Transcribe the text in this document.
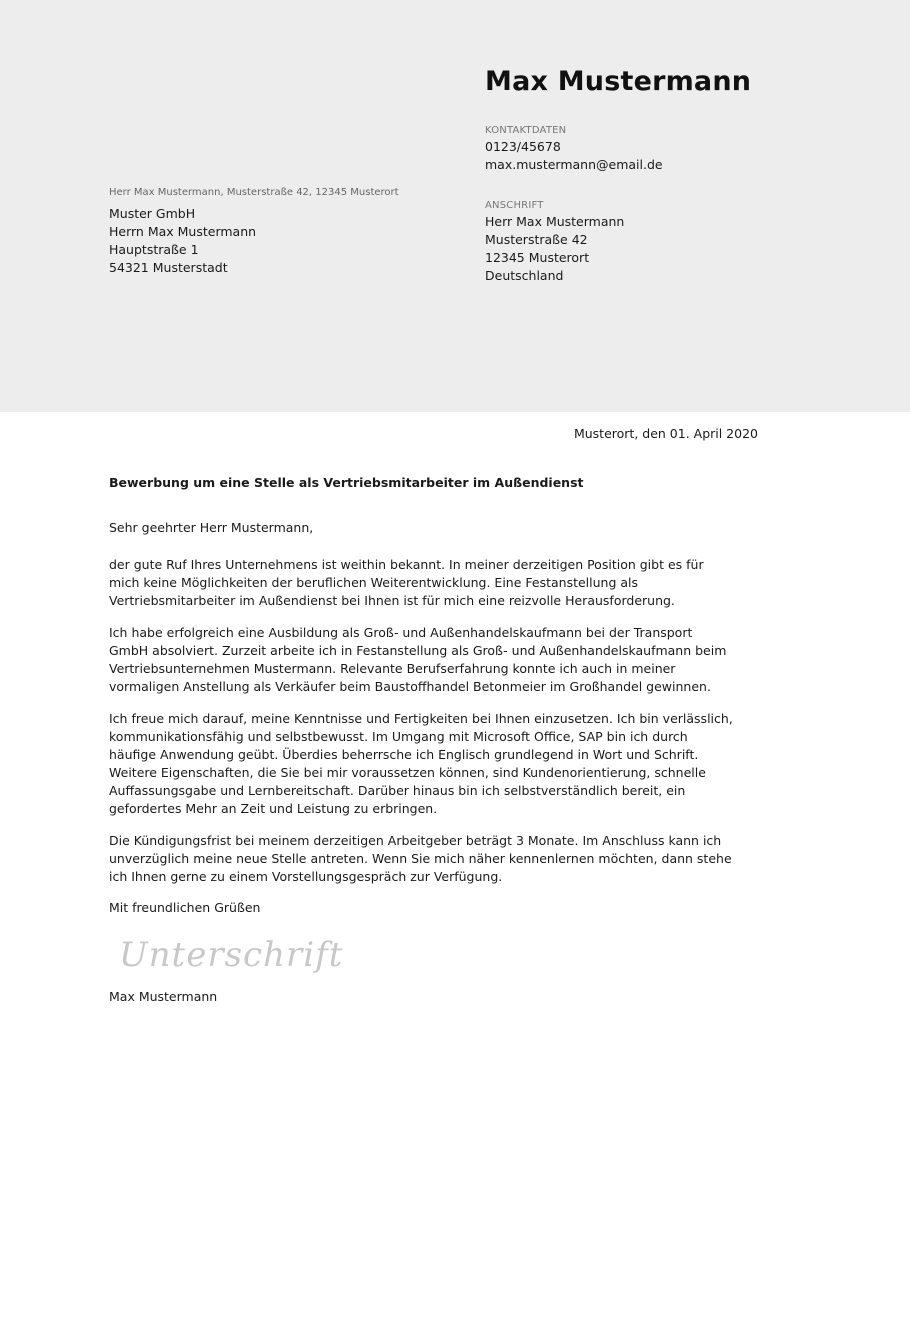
Max Mustermann
KONTAKTDATEN
0123/45678
max.mustermann@email.de
ANSCHRIFT
Herr Max Mustermann
Musterstraße 42
12345 Musterort
Deutschland
Herr Max Mustermann, Musterstraße 42, 12345 Musterort
Muster GmbH
Herrn Max Mustermann
Hauptstraße 1
54321 Musterstadt
Musterort, den 01. April 2020
Bewerbung um eine Stelle als Vertriebsmitarbeiter im Außendienst
Sehr geehrter Herr Mustermann,

der gute Ruf Ihres Unternehmens ist weithin bekannt. In meiner derzeitigen Position gibt es für mich keine Möglichkeiten der beruflichen Weiterentwicklung. Eine Festanstellung als Vertriebsmitarbeiter im Außendienst bei Ihnen ist für mich eine reizvolle Herausforderung.

Ich habe erfolgreich eine Ausbildung als Groß- und Außenhandelskaufmann bei der Transport GmbH absolviert. Zurzeit arbeite ich in Festanstellung als Groß- und Außenhandelskaufmann beim Vertriebsunternehmen Mustermann. Relevante Berufserfahrung konnte ich auch in meiner vormaligen Anstellung als Verkäufer beim Baustoffhandel Betonmeier im Großhandel gewinnen.

Ich freue mich darauf, meine Kenntnisse und Fertigkeiten bei Ihnen einzusetzen. Ich bin verlässlich, kommunikationsfähig und selbstbewusst. Im Umgang mit Microsoft Office, SAP bin ich durch häufige Anwendung geübt. Überdies beherrsche ich Englisch grundlegend in Wort und Schrift. Weitere Eigenschaften, die Sie bei mir voraussetzen können, sind Kundenorientierung, schnelle Auffassungsgabe und Lernbereitschaft. Darüber hinaus bin ich selbstverständlich bereit, ein gefordertes Mehr an Zeit und Leistung zu erbringen.

Die Kündigungsfrist bei meinem derzeitigen Arbeitgeber beträgt 3 Monate. Im Anschluss kann ich unverzüglich meine neue Stelle antreten. Wenn Sie mich näher kennenlernen möchten, dann stehe ich Ihnen gerne zu einem Vorstellungsgespräch zur Verfügung.

Mit freundlichen Grüßen
Unterschrift
Max Mustermann
